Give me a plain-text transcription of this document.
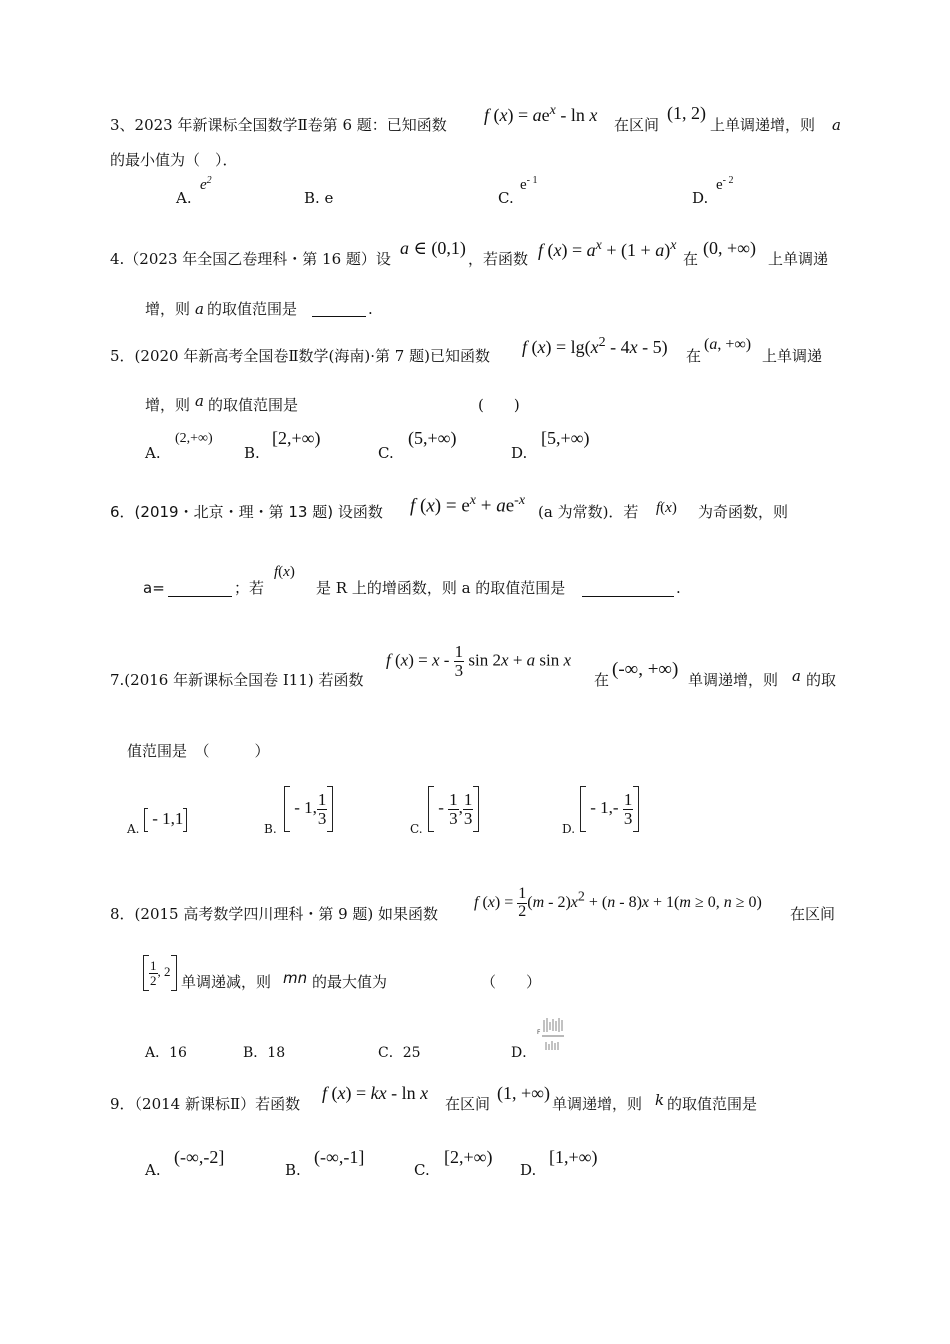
3、2023 年新课标全国数学Ⅱ卷第 6 题：已知函数 f $(x) = ae^x - \ln x$ 在区间
(1, 2)
上单调递增，则 a
的最小值为（　）．
A.
$e^2$
B. e	C.
$e^{- 1}$
D.
$e^{- 2}$
4.（2023 年全国乙卷理科・第 16 题）设
a ∈ (0,1)
，若函数 f $(x) = a^x + (1 + a)^x$
在
(0, +∞)
上单调递
增，则 a 的取值范围是	.
5．(2020 年新高考全国卷Ⅱ数学(海南)·第 7 题)已知函数 f $(x) = \lg(x^2 - 4x - 5)$ 在
(a, +∞)
上单调递
增，则 a 的取值范围是	(　　)
A.
(2,+∞)
B.
[2,+∞)
C.
(5,+∞)
D.
[5,+∞)
6．(2019・北京・理・第 13 题) 设函数 f $(x) = e^x + ae^{-x}$
(a 为常数)．若 f(x) 为奇函数，则
a=	；若
f(x)
是 R 上的增函数，则 a 的取值范围是	.
7.(2016 年新课标全国卷 I11) 若函数
f $(x) = x - \frac{1}{3}$ sin 2x + a sin x
在 (-∞, +∞) 单调递增，则 a 的取
值范围是　（　　　）
A.
- 1,1
B.
- 1, $\frac{1}{3}$
C.
- $\frac{1}{3}$ , $\frac{1}{3}$
D.
- $1,- \frac{1}{3}$
8．(2015 高考数学四川理科・第 9 题) 如果函数
f $(x) = \frac{1}{2} (m - 2)x^2 + (n - 8)x + 1(m \ge 0$, n ≥ 0)
在区间
$\frac{1}{2}$ , 2
单调递减，则 mn 的最大值为	（　　）
A．16	B．18	C．25	D．
F
9．（2014 新课标Ⅱ）若函数
f (x) = kx - ln x
在区间
(1, +∞)
单调递增，则 k 的取值范围是
A.
(-∞,-2]
B.
(-∞,-1]
C.
[2,+∞)
D.
[1,+∞)
